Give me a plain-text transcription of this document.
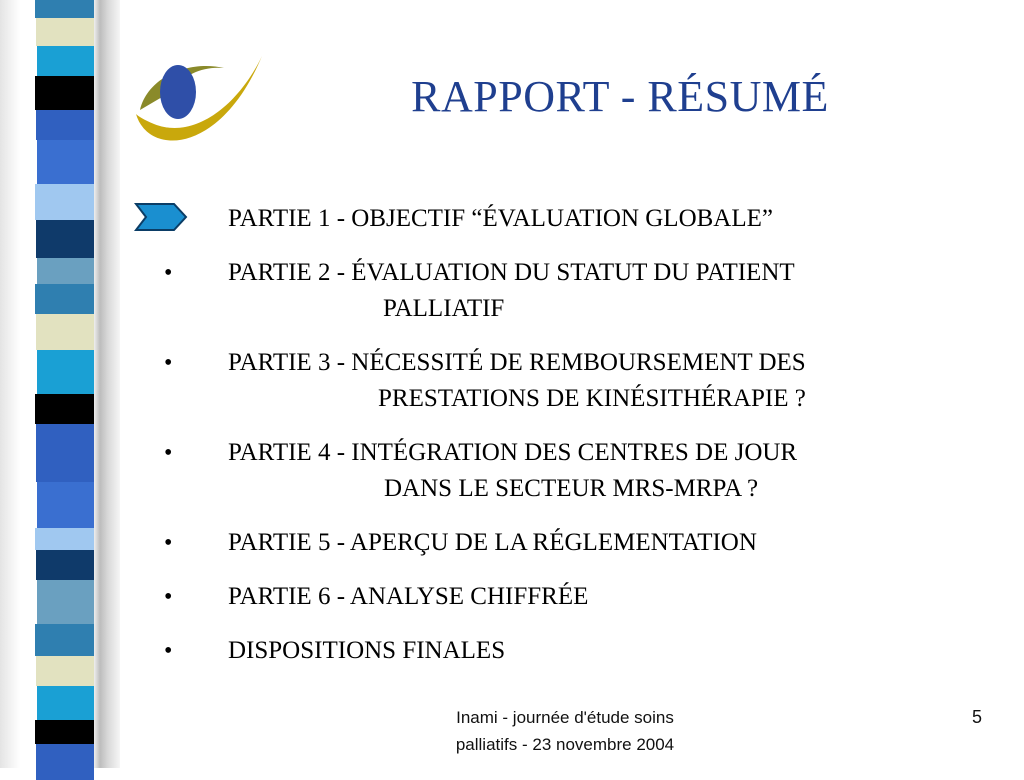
RAPPORT - RÉSUMÉ
PARTIE 1 - OBJECTIF “ÉVALUATION GLOBALE”
• PARTIE 2 - ÉVALUATION DU STATUT DU PATIENT
PALLIATIF
• PARTIE 3 - NÉCESSITÉ DE REMBOURSEMENT DES
PRESTATIONS DE KINÉSITHÉRAPIE ?
• PARTIE 4 - INTÉGRATION DES CENTRES DE JOUR
DANS LE SECTEUR MRS-MRPA ?
• PARTIE 5 - APERÇU DE LA RÉGLEMENTATION
• PARTIE 6 - ANALYSE CHIFFRÉE
• DISPOSITIONS FINALES
Inami - journée d'étude soins
palliatifs - 23 novembre 2004
5
